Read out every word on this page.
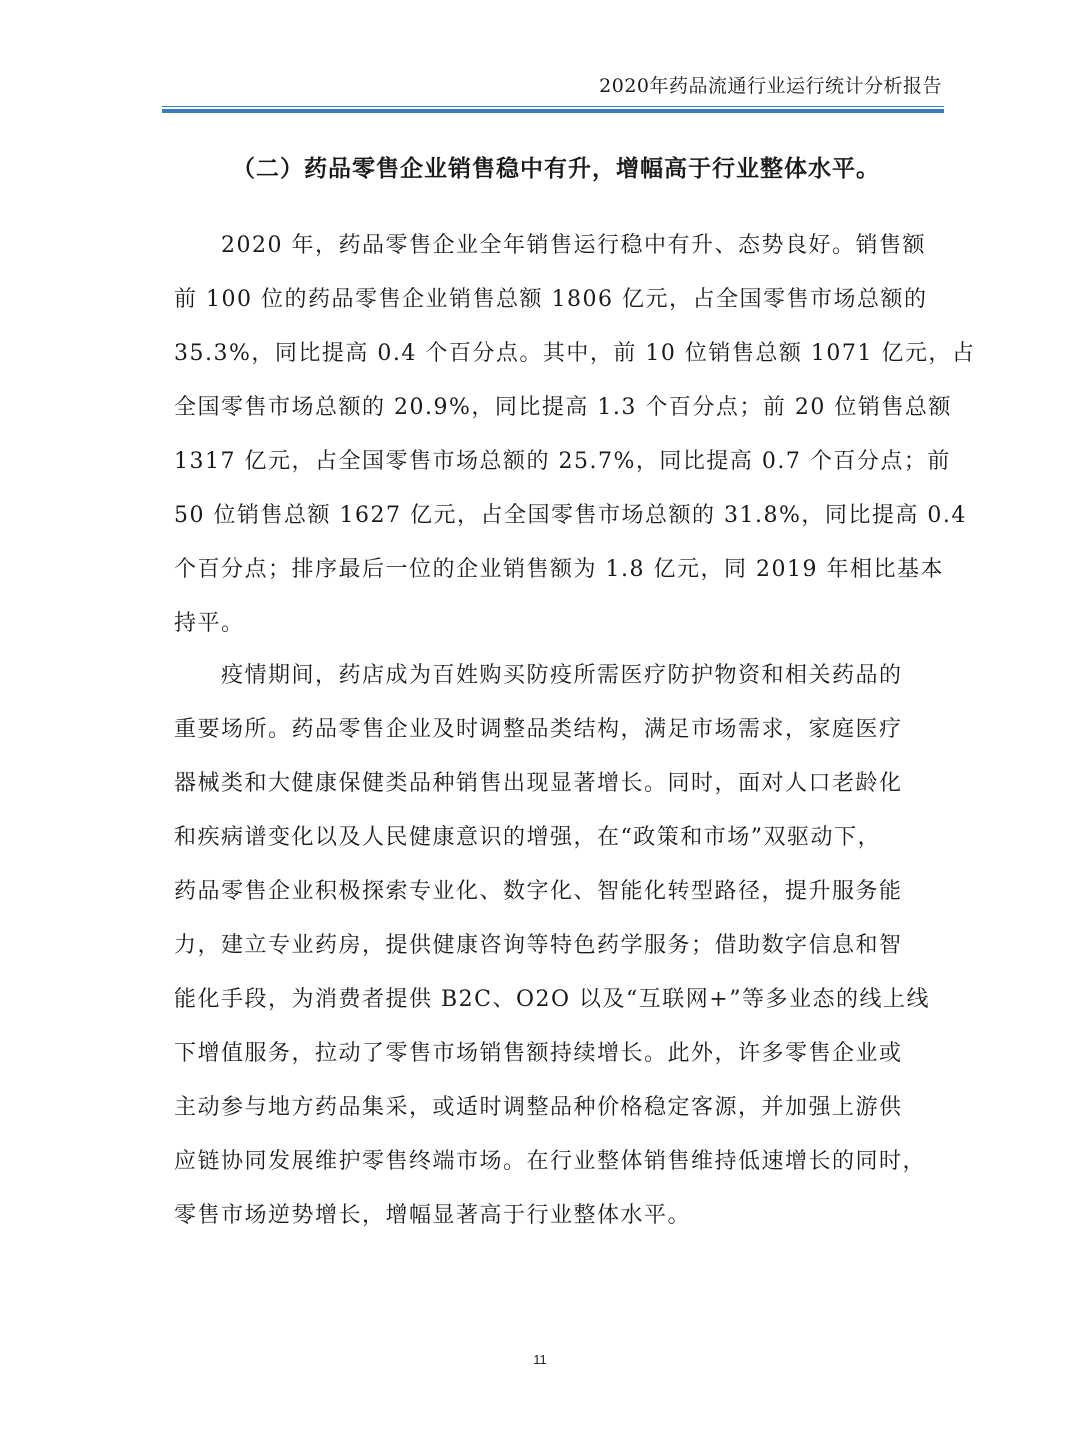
2020年药品流通行业运行统计分析报告
（二）药品零售企业销售稳中有升，增幅高于行业整体水平。
　　2020 年，药品零售企业全年销售运行稳中有升、态势良好。销售额
前 100 位的药品零售企业销售总额 1806 亿元，占全国零售市场总额的
35.3%，同比提高 0.4 个百分点。其中，前 10 位销售总额 1071 亿元，占
全国零售市场总额的 20.9%，同比提高 1.3 个百分点；前 20 位销售总额
1317 亿元，占全国零售市场总额的 25.7%，同比提高 0.7 个百分点；前
50 位销售总额 1627 亿元，占全国零售市场总额的 31.8%，同比提高 0.4
个百分点；排序最后一位的企业销售额为 1.8 亿元，同 2019 年相比基本
持平。
　　疫情期间，药店成为百姓购买防疫所需医疗防护物资和相关药品的
重要场所。药品零售企业及时调整品类结构，满足市场需求，家庭医疗
器械类和大健康保健类品种销售出现显著增长。同时，面对人口老龄化
和疾病谱变化以及人民健康意识的增强，在“政策和市场”双驱动下，
药品零售企业积极探索专业化、数字化、智能化转型路径，提升服务能
力，建立专业药房，提供健康咨询等特色药学服务；借助数字信息和智
能化手段，为消费者提供 B2C、O2O 以及“互联网+”等多业态的线上线
下增值服务，拉动了零售市场销售额持续增长。此外，许多零售企业或
主动参与地方药品集采，或适时调整品种价格稳定客源，并加强上游供
应链协同发展维护零售终端市场。在行业整体销售维持低速增长的同时，
零售市场逆势增长，增幅显著高于行业整体水平。
11
